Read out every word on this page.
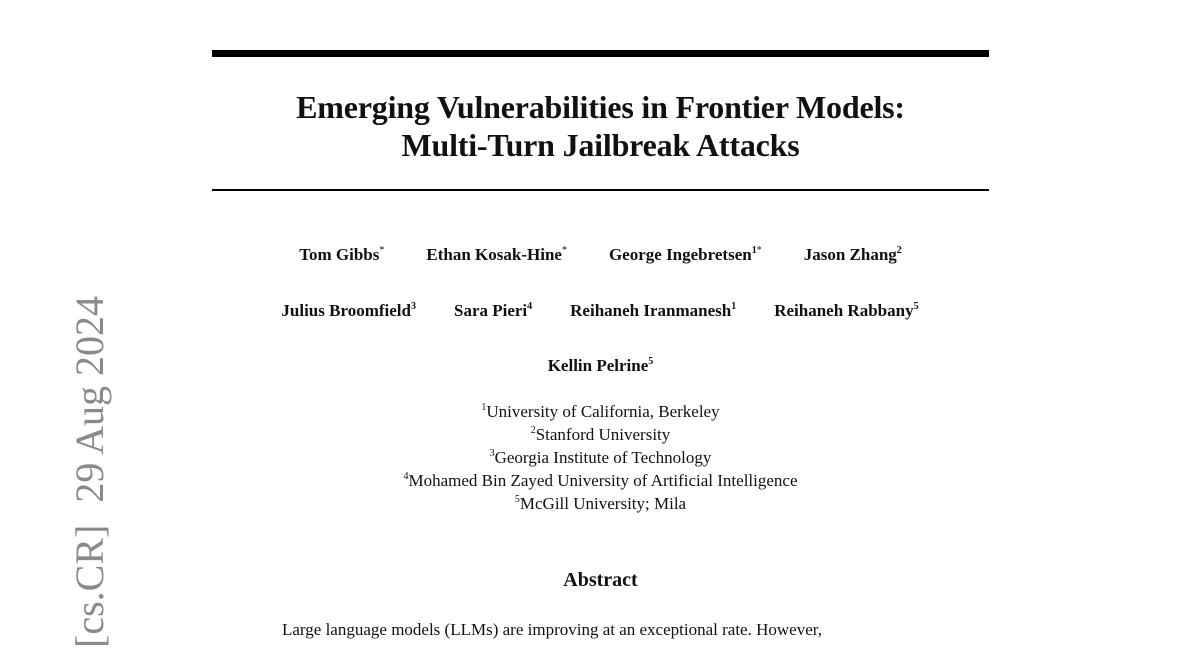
[cs.CR]29 Aug 2024
Emerging Vulnerabilities in Frontier Models:
Multi-Turn Jailbreak Attacks
Tom Gibbs* Ethan Kosak-Hine* George Ingebretsen$^{1*}$ Jason Zhang$^2$
Julius Broomfield$^3$ Sara Pieri$^4$ Reihaneh Iranmanesh$^1$ Reihaneh Rabbany$^5$
Kellin Pelrine$^5$
$^1$University of California, Berkeley
$^2$Stanford University
$^3$Georgia Institute of Technology
$^4$Mohamed Bin Zayed University of Artificial Intelligence
$^5$McGill University; Mila
Abstract
Large language models (LLMs) are improving at an exceptional rate. However,
